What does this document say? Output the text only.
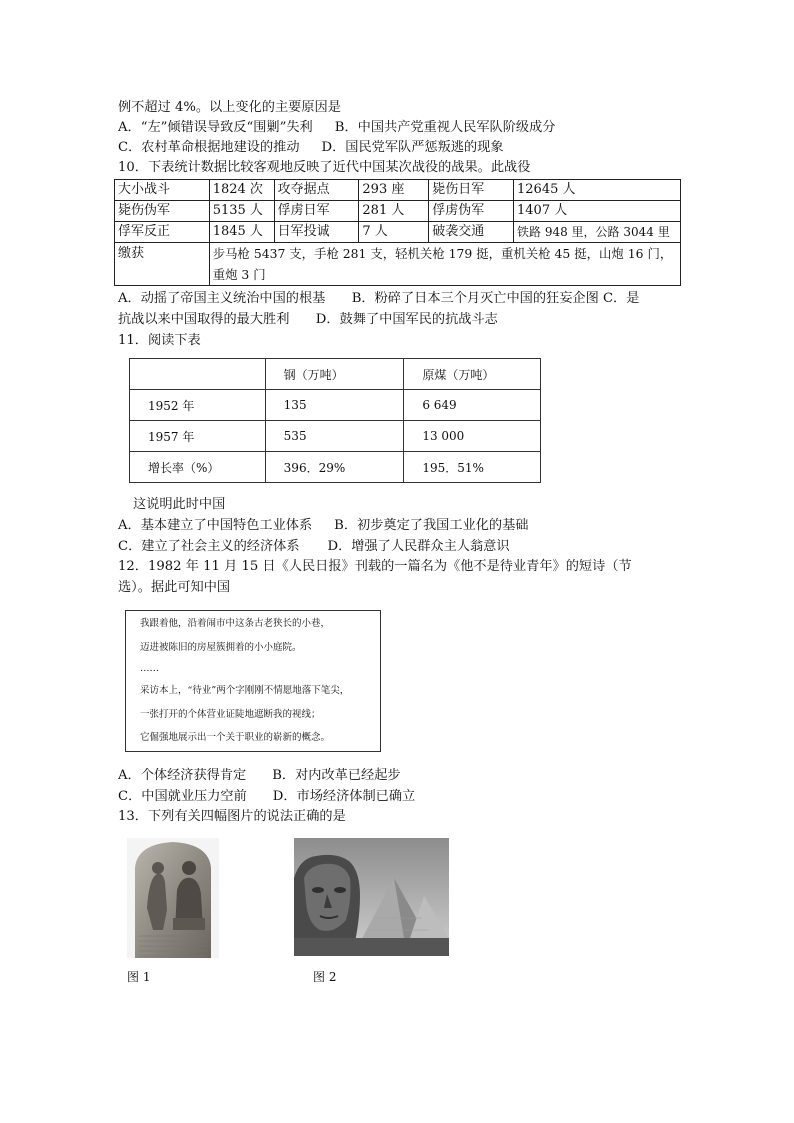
例不超过 4%。以上变化的主要原因是
A．“左”倾错误导致反“围剿”失利 B．中国共产党重视人民军队阶级成分
C．农村革命根据地建设的推动 D．国民党军队严惩叛逃的现象
10．下表统计数据比较客观地反映了近代中国某次战役的战果。此战役
大小战斗	1824 次	攻夺据点	293 座	毙伤日军	12645 人
毙伤伪军	5135 人	俘虏日军	281 人	俘虏伪军	1407 人
俘军反正	1845 人	日军投诚	7 人	破袭交通	铁路 948 里，公路 3044 里
缴获	步马枪 5437 支，手枪 281 支，轻机关枪 179 挺，重机关枪 45 挺，山炮 16 门，重炮 3 门				
A．动摇了帝国主义统治中国的根基　　B．粉碎了日本三个月灭亡中国的狂妄企图 C．是
抗战以来中国取得的最大胜利　　D．鼓舞了中国军民的抗战斗志
11．阅读下表
	钢（万吨）	原煤（万吨）
1952 年	135	6 649
1957 年	535	13 000
增长率（%）	396．29%	195．51%
这说明此时中国
A．基本建立了中国特色工业体系 B．初步奠定了我国工业化的基础
C．建立了社会主义的经济体系 D．增强了人民群众主人翁意识
12．1982 年 11 月 15 日《人民日报》刊载的一篇名为《他不是待业青年》的短诗（节
选）。据此可知中国
我跟着他，沿着闹市中这条古老狭长的小巷，
迈进被陈旧的房屋簇拥着的小小庭院。
……
采访本上，“待业”两个字刚刚不情愿地落下笔尖，
一张打开的个体营业证陡地遮断我的视线；
它倔强地展示出一个关于职业的崭新的概念。
A．个体经济获得肯定 B．对内改革已经起步
C．中国就业压力空前 D．市场经济体制已确立
13．下列有关四幅图片的说法正确的是
图 1	图 2
